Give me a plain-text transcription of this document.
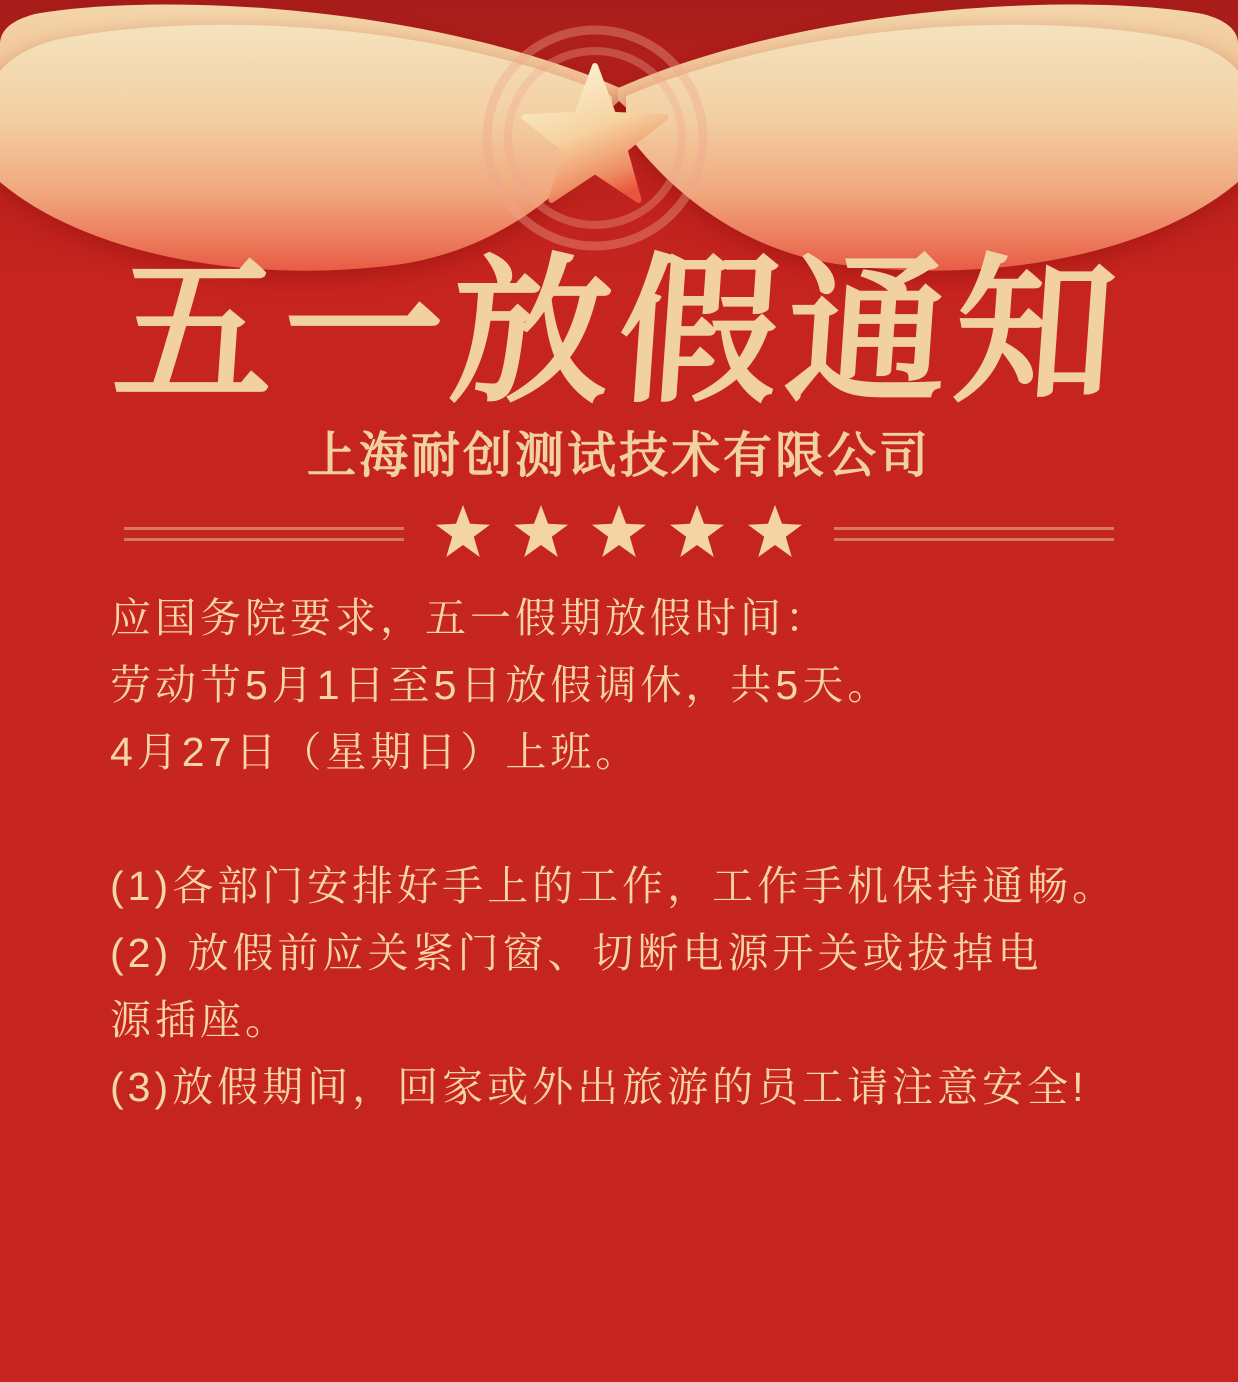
五一放假通知
上海耐创测试技术有限公司

应国务院要求，五一假期放假时间：

劳动节5月1日至5日放假调休，共5天。

4月27日（星期日）上班。

(1)各部门安排好手上的工作，工作手机保持通畅。

(2) 放假前应关紧门窗、切断电源开关或拔掉电

源插座。

(3)放假期间，回家或外出旅游的员工请注意安全!
